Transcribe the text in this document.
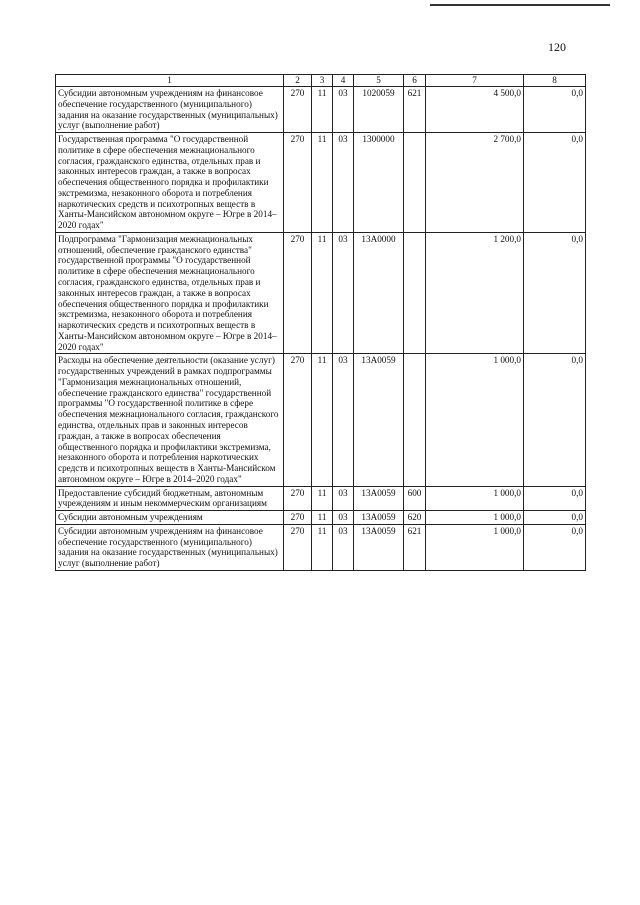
120
1	2	3	4	5	6	7	8
Субсидии автономным учреждениям на финансовое обеспечение государственного (муниципального) задания на оказание государственных (муниципальных) услуг (выполнение работ)	270	11	03	1020059	621	4 500,0	0,0
Государственная программа "О государственной политике в сфере обеспечения межнационального согласия, гражданского единства, отдельных прав и законных интересов граждан, а также в вопросах обеспечения общественного порядка и профилактики экстремизма, незаконного оборота и потребления наркотических средств и психотропных веществ в Ханты-Мансийском автономном округе – Югре в 2014–2020 годах"	270	11	03	1300000		2 700,0	0,0
Подпрограмма "Гармонизация межнациональных отношений, обеспечение гражданского единства" государственной программы "О государственной политике в сфере обеспечения межнационального согласия, гражданского единства, отдельных прав и законных интересов граждан, а также в вопросах обеспечения общественного порядка и профилактики экстремизма, незаконного оборота и потребления наркотических средств и психотропных веществ в Ханты-Мансийском автономном округе – Югре в 2014–2020 годах"	270	11	03	13А0000		1 200,0	0,0
Расходы на обеспечение деятельности (оказание услуг) государственных учреждений в рамках подпрограммы "Гармонизация межнациональных отношений, обеспечение гражданского единства" государственной программы "О государственной политике в сфере обеспечения межнационального согласия, гражданского единства, отдельных прав и законных интересов граждан, а также в вопросах обеспечения общественного порядка и профилактики экстремизма, незаконного оборота и потребления наркотических средств и психотропных веществ в Ханты-Мансийском автономном округе – Югре в 2014–2020 годах"	270	11	03	13А0059		1 000,0	0,0
Предоставление субсидий бюджетным, автономным учреждениям и иным некоммерческим организациям	270	11	03	13А0059	600	1 000,0	0,0
Субсидии автономным учреждениям	270	11	03	13А0059	620	1 000,0	0,0
Субсидии автономным учреждениям на финансовое обеспечение государственного (муниципального) задания на оказание государственных (муниципальных) услуг (выполнение работ)	270	11	03	13А0059	621	1 000,0	0,0
